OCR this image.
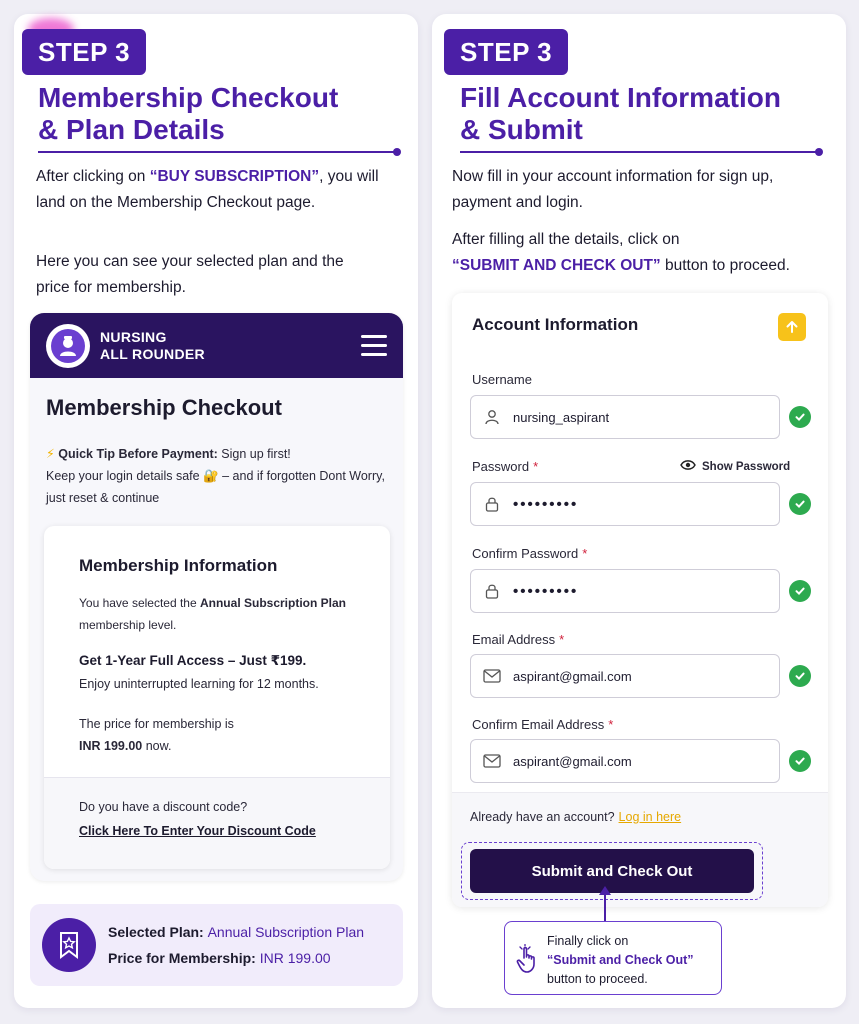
STEP 3
Membership Checkout
& Plan Details
After clicking on “BUY SUBSCRIPTION”, you will land on the Membership Checkout page.
Here you can see your selected plan and the price for membership.
NURSING
ALL ROUNDER
Membership Checkout
⚡ Quick Tip Before Payment: Sign up first!
Keep your login details safe 🔐 – and if forgotten Dont Worry, just reset & continue
Membership Information
You have selected the Annual Subscription Plan membership level.
Get 1-Year Full Access – Just ₹199.
Enjoy uninterrupted learning for 12 months.
The price for membership is
INR 199.00 now.
Do you have a discount code?
Click Here To Enter Your Discount Code
Selected Plan: Annual Subscription Plan
Price for Membership: INR 199.00
STEP 3
Fill Account Information
& Submit
Now fill in your account information for sign up, payment and login.
After filling all the details, click on
“SUBMIT AND CHECK OUT” button to proceed.
Account Information
Username
nursing_aspirant
Password *	Show Password
•••••••••
Confirm Password *
•••••••••
Email Address *
aspirant@gmail.com
Confirm Email Address *
aspirant@gmail.com
Already have an account? Log in here
Submit and Check Out
Finally click on
“Submit and Check Out”
button to proceed.
